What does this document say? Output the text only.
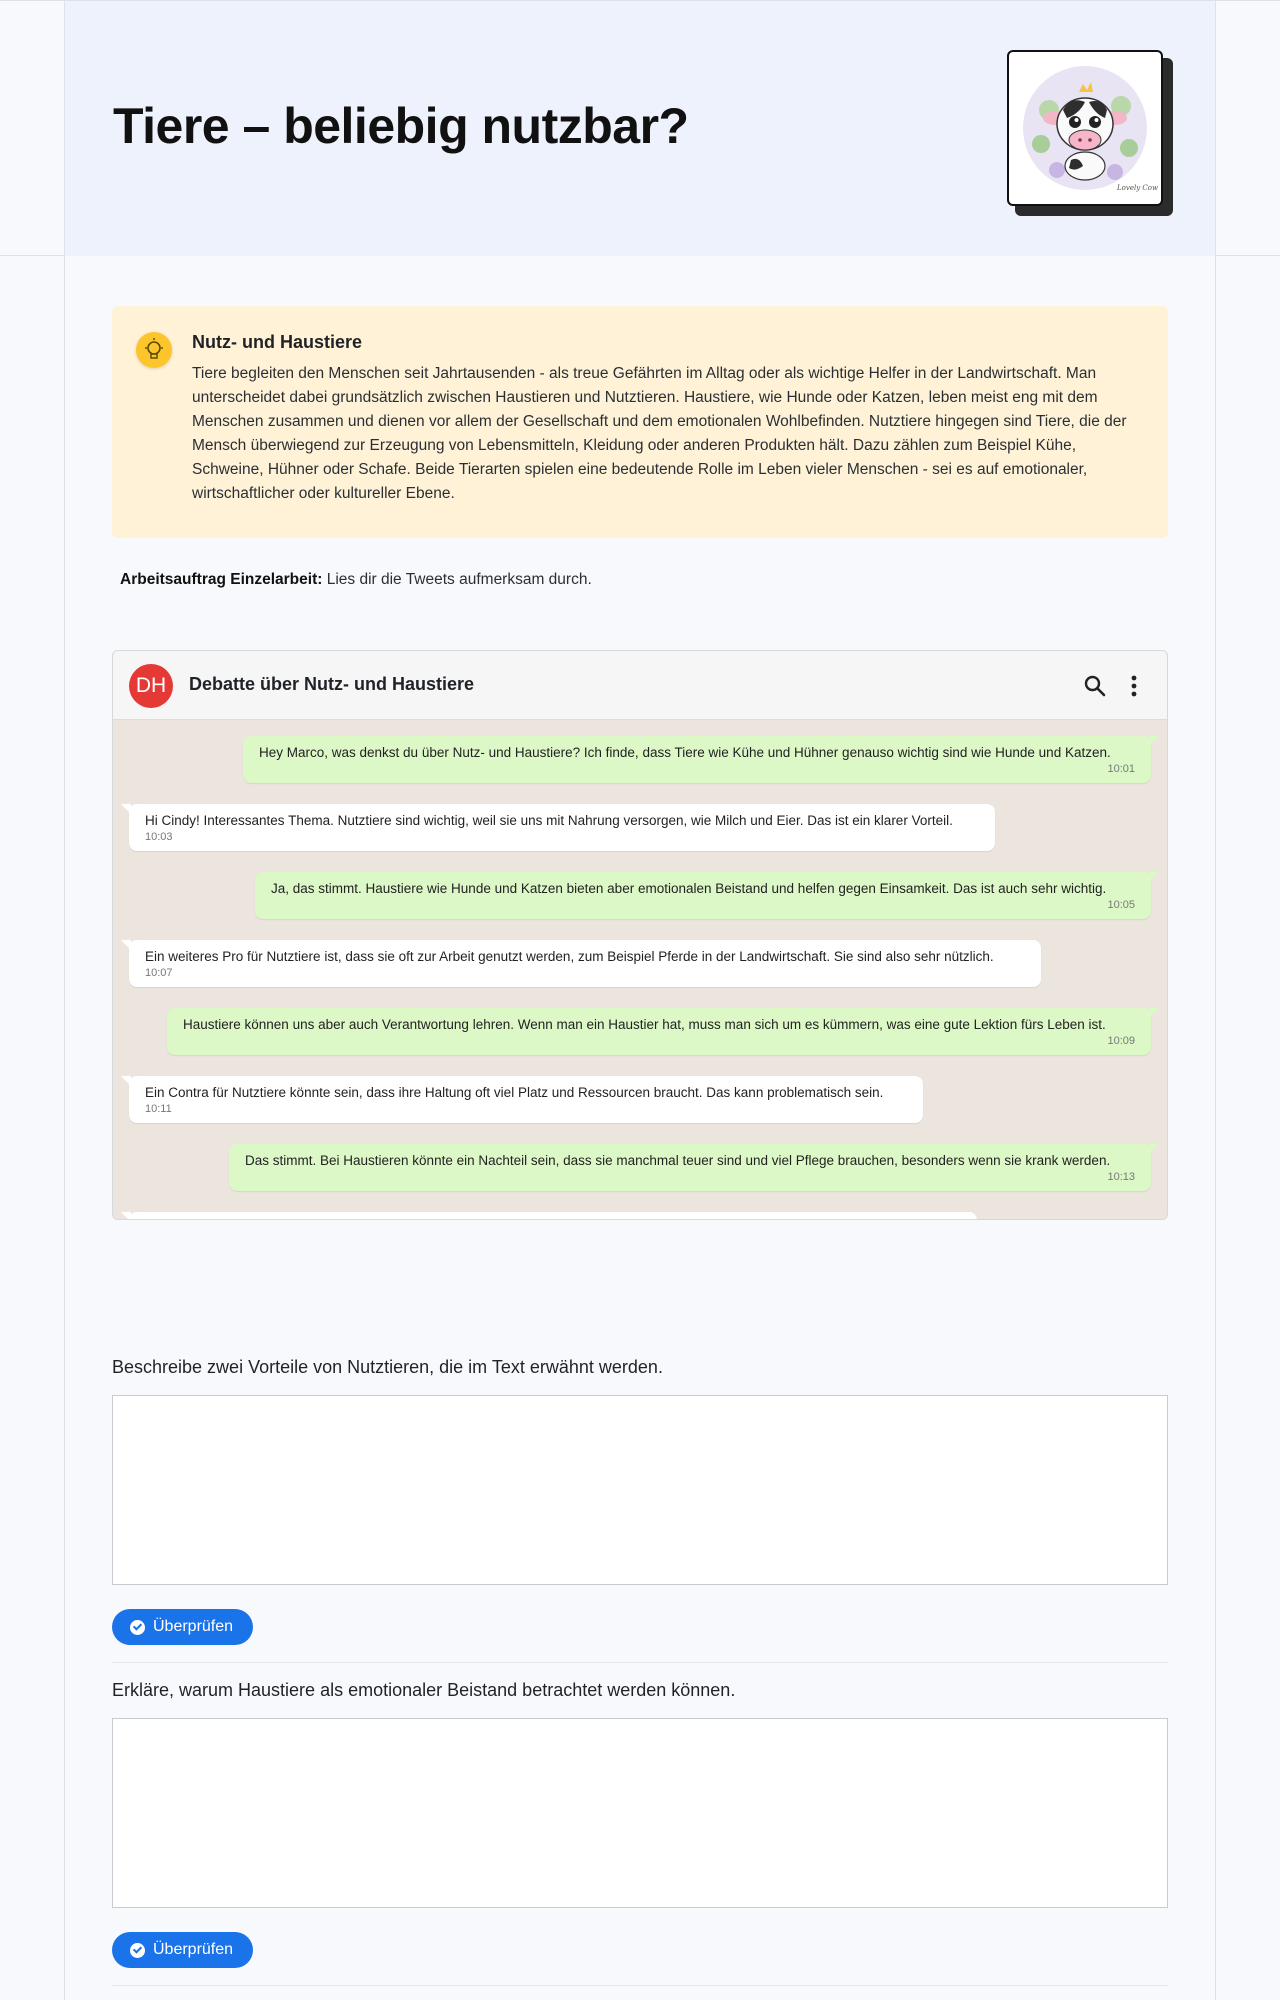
Tiere – beliebig nutzbar?
Lovely Cow
Nutz- und Haustiere
Tiere begleiten den Menschen seit Jahrtausenden - als treue Gefährten im Alltag oder als wichtige Helfer in der Landwirtschaft. Man unterscheidet dabei grundsätzlich zwischen Haustieren und Nutztieren. Haustiere, wie Hunde oder Katzen, leben meist eng mit dem Menschen zusammen und dienen vor allem der Gesellschaft und dem emotionalen Wohlbefinden. Nutztiere hingegen sind Tiere, die der Mensch überwiegend zur Erzeugung von Lebensmitteln, Kleidung oder anderen Produkten hält. Dazu zählen zum Beispiel Kühe, Schweine, Hühner oder Schafe. Beide Tierarten spielen eine bedeutende Rolle im Leben vieler Menschen - sei es auf emotionaler, wirtschaftlicher oder kultureller Ebene.
Arbeitsauftrag Einzelarbeit: Lies dir die Tweets aufmerksam durch.
DH	Debatte über Nutz- und Haustiere
Hey Marco, was denkst du über Nutz- und Haustiere? Ich finde, dass Tiere wie Kühe und Hühner genauso wichtig sind wie Hunde und Katzen.
10:01
Hi Cindy! Interessantes Thema. Nutztiere sind wichtig, weil sie uns mit Nahrung versorgen, wie Milch und Eier. Das ist ein klarer Vorteil.
10:03
Ja, das stimmt. Haustiere wie Hunde und Katzen bieten aber emotionalen Beistand und helfen gegen Einsamkeit. Das ist auch sehr wichtig.
10:05
Ein weiteres Pro für Nutztiere ist, dass sie oft zur Arbeit genutzt werden, zum Beispiel Pferde in der Landwirtschaft. Sie sind also sehr nützlich.
10:07
Haustiere können uns aber auch Verantwortung lehren. Wenn man ein Haustier hat, muss man sich um es kümmern, was eine gute Lektion fürs Leben ist.
10:09
Ein Contra für Nutztiere könnte sein, dass ihre Haltung oft viel Platz und Ressourcen braucht. Das kann problematisch sein.
10:11
Das stimmt. Bei Haustieren könnte ein Nachteil sein, dass sie manchmal teuer sind und viel Pflege brauchen, besonders wenn sie krank werden.
10:13
Beschreibe zwei Vorteile von Nutztieren, die im Text erwähnt werden.
Überprüfen
Erkläre, warum Haustiere als emotionaler Beistand betrachtet werden können.
Überprüfen
